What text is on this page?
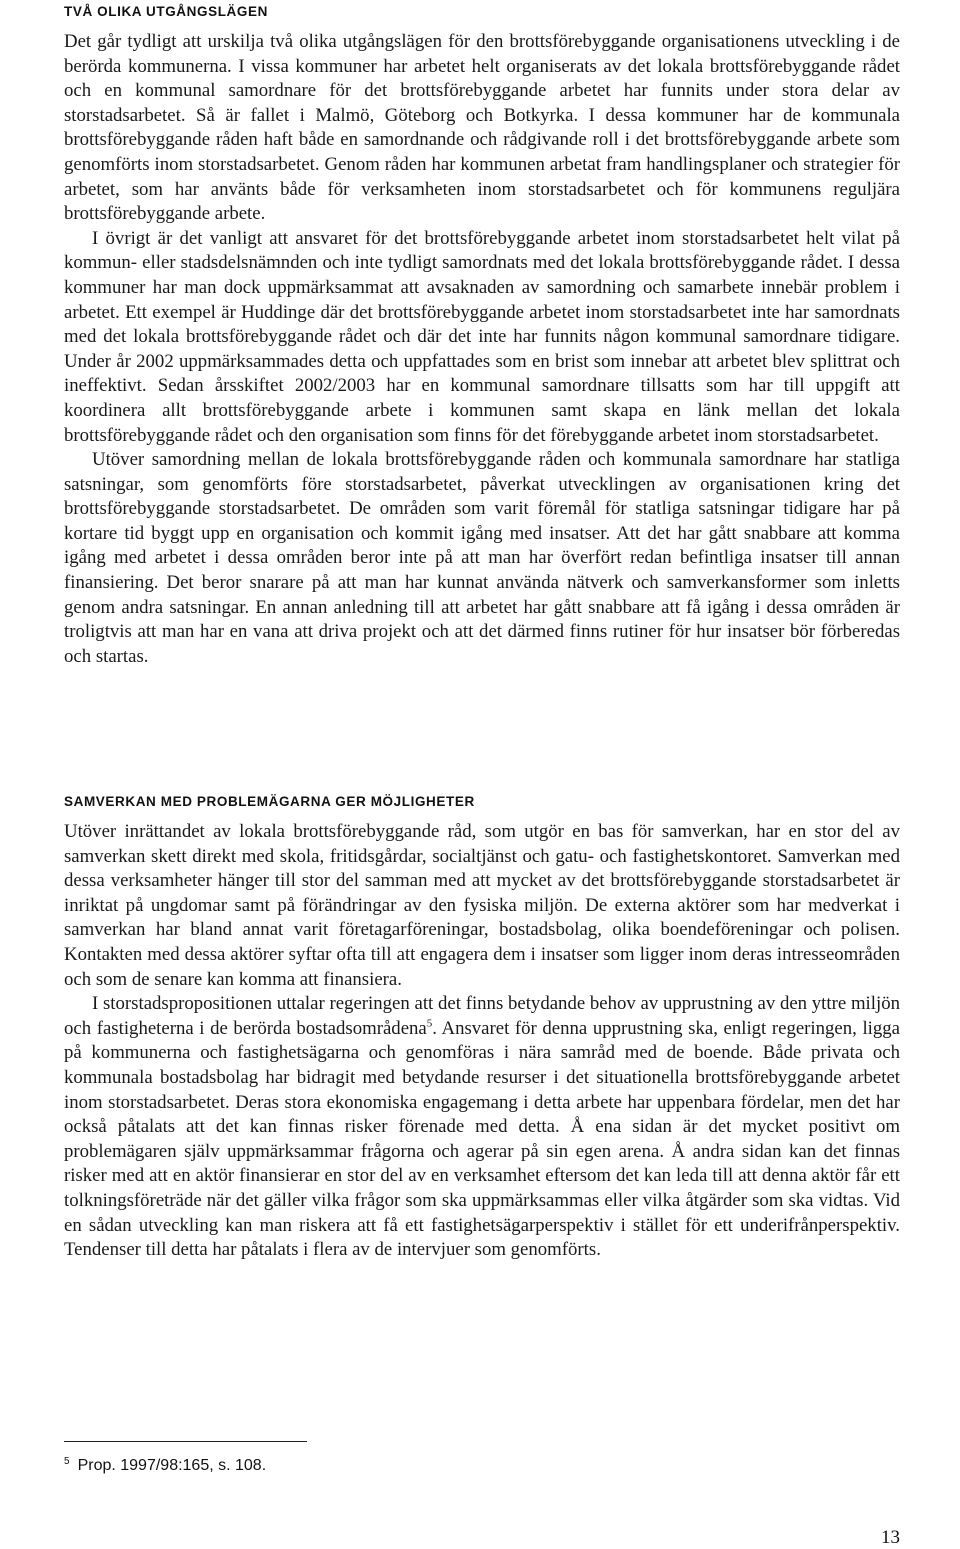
TVÅ OLIKA UTGÅNGSLÄGEN

Det går tydligt att urskilja två olika utgångslägen för den brottsförebyggande organisationens utveckling i de berörda kommunerna. I vissa kommuner har arbetet helt organiserats av det lokala brottsförebyggande rådet och en kommunal samordnare för det brottsförebyggande arbetet har funnits under stora delar av storstadsarbetet. Så är fallet i Malmö, Göteborg och Botkyrka. I dessa kommuner har de kommunala brottsförebyggande råden haft både en samordnande och rådgivande roll i det brottsförebyggande arbete som genomförts inom storstadsarbetet. Genom råden har kommunen arbetat fram handlingsplaner och strategier för arbetet, som har använts både för verksamheten inom storstadsarbetet och för kommunens reguljära brottsförebyggande arbete.

I övrigt är det vanligt att ansvaret för det brottsförebyggande arbetet inom storstadsarbetet helt vilat på kommun- eller stadsdelsnämnden och inte tydligt samordnats med det lokala brottsförebyggande rådet. I dessa kommuner har man dock uppmärksammat att avsaknaden av samordning och samarbete innebär problem i arbetet. Ett exempel är Huddinge där det brottsförebyggande arbetet inom storstadsarbetet inte har samordnats med det lokala brottsförebyggande rådet och där det inte har funnits någon kommunal samordnare tidigare. Under år 2002 uppmärksammades detta och uppfattades som en brist som innebar att arbetet blev splittrat och ineffektivt. Sedan årsskiftet 2002/2003 har en kommunal samordnare tillsatts som har till uppgift att koordinera allt brottsförebyggande arbete i kommunen samt skapa en länk mellan det lokala brottsförebyggande rådet och den organisation som finns för det förebyggande arbetet inom storstadsarbetet.

Utöver samordning mellan de lokala brottsförebyggande råden och kommunala samordnare har statliga satsningar, som genomförts före storstadsarbetet, påverkat utvecklingen av organisationen kring det brottsförebyggande storstadsarbetet. De områden som varit föremål för statliga satsningar tidigare har på kortare tid byggt upp en organisation och kommit igång med insatser. Att det har gått snabbare att komma igång med arbetet i dessa områden beror inte på att man har överfört redan befintliga insatser till annan finansiering. Det beror snarare på att man har kunnat använda nätverk och samverkansformer som inletts genom andra satsningar. En annan anledning till att arbetet har gått snabbare att få igång i dessa områden är troligtvis att man har en vana att driva projekt och att det därmed finns rutiner för hur insatser bör förberedas och startas.

SAMVERKAN MED PROBLEMÄGARNA GER MÖJLIGHETER

Utöver inrättandet av lokala brottsförebyggande råd, som utgör en bas för samverkan, har en stor del av samverkan skett direkt med skola, fritidsgårdar, socialtjänst och gatu- och fastighetskontoret. Samverkan med dessa verksamheter hänger till stor del samman med att mycket av det brottsförebyggande storstadsarbetet är inriktat på ungdomar samt på förändringar av den fysiska miljön. De externa aktörer som har medverkat i samverkan har bland annat varit företagarföreningar, bostadsbolag, olika boendeföreningar och polisen. Kontakten med dessa aktörer syftar ofta till att engagera dem i insatser som ligger inom deras intresseområden och som de senare kan komma att finansiera.

I storstadspropositionen uttalar regeringen att det finns betydande behov av upprustning av den yttre miljön och fastigheterna i de berörda bostadsområdena$^5$. Ansvaret för denna upprustning ska, enligt regeringen, ligga på kommunerna och fastighetsägarna och genomföras i nära samråd med de boende. Både privata och kommunala bostadsbolag har bidragit med betydande resurser i det situationella brottsförebyggande arbetet inom storstadsarbetet. Deras stora ekonomiska engagemang i detta arbete har uppenbara fördelar, men det har också påtalats att det kan finnas risker förenade med detta. Å ena sidan är det mycket positivt om problemägaren själv uppmärksammar frågorna och agerar på sin egen arena. Å andra sidan kan det finnas risker med att en aktör finansierar en stor del av en verksamhet eftersom det kan leda till att denna aktör får ett tolkningsföreträde när det gäller vilka frågor som ska uppmärksammas eller vilka åtgärder som ska vidtas. Vid en sådan utveckling kan man riskera att få ett fastighetsägarperspektiv i stället för ett underifrånperspektiv. Tendenser till detta har påtalats i flera av de intervjuer som genomförts.

$^5$ Prop. 1997/98:165, s. 108.
13
